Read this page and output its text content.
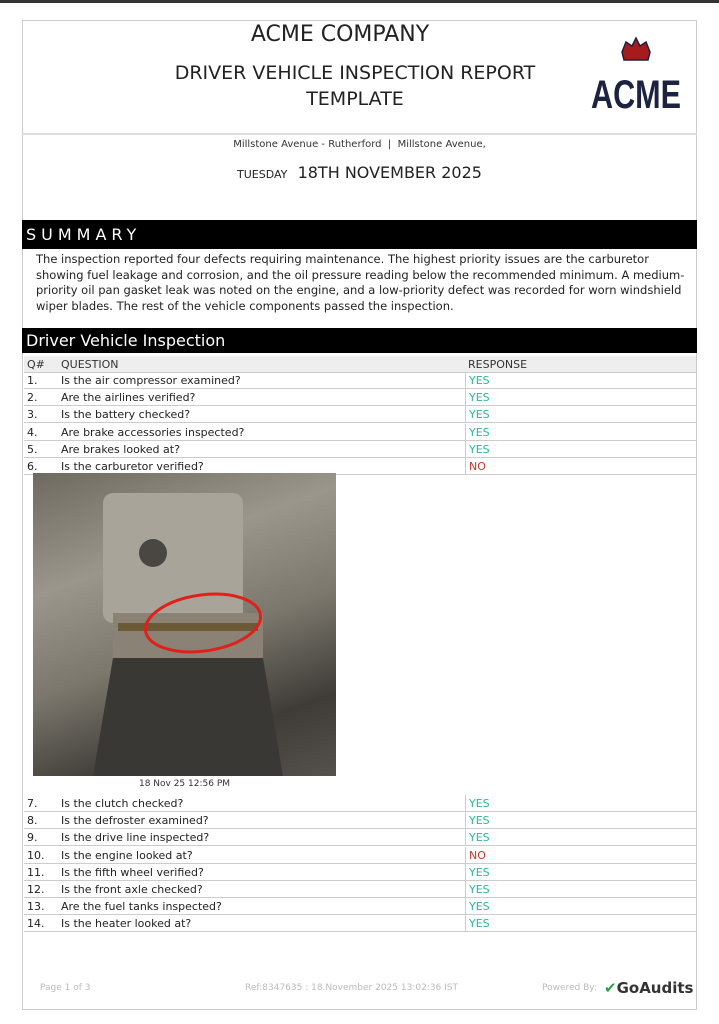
ACME COMPANY
DRIVER VEHICLE INSPECTION REPORT TEMPLATE	ACME
Millstone Avenue - Rutherford  |  Millstone Avenue,
TUESDAY 18TH NOVEMBER 2025
SUMMARY
The inspection reported four defects requiring maintenance. The highest priority issues are the carburetor showing fuel leakage and corrosion, and the oil pressure reading below the recommended minimum. A medium-priority oil pan gasket leak was noted on the engine, and a low-priority defect was recorded for worn windshield wiper blades. The rest of the vehicle components passed the inspection.
Driver Vehicle Inspection
Q# QUESTION	RESPONSE
1. Is the air compressor examined?	YES
2. Are the airlines verified?	YES
3. Is the battery checked?	YES
4. Are brake accessories inspected?	YES
5. Are brakes looked at?	YES
6. Is the carburetor verified?	NO
18 Nov 25 12:56 PM
7. Is the clutch checked?	YES
8. Is the defroster examined?	YES
9. Is the drive line inspected?	YES
10. Is the engine looked at?	NO
11. Is the fifth wheel verified?	YES
12. Is the front axle checked?	YES
13. Are the fuel tanks inspected?	YES
14. Is the heater looked at?	YES
Page 1 of 3	Ref:8347635 : 18.November 2025 13:02:36 IST	Powered By: ✔GoAudits
